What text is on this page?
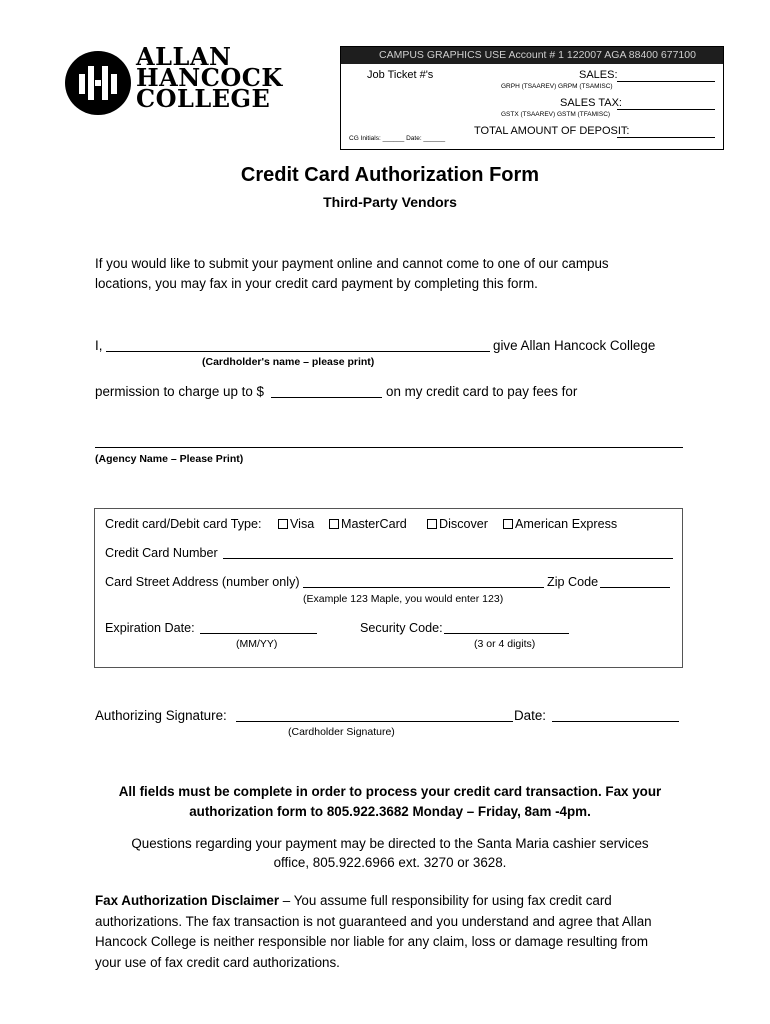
ALLAN
HANCOCK
COLLEGE
CAMPUS GRAPHICS USE Account # 1 122007 AGA 88400 677100
Job Ticket #'s	SALES:
GRPH (TSAAREV) GRPM (TSAMISC)
SALES TAX:
GSTX (TSAAREV) GSTM (TFAMISC)
TOTAL AMOUNT OF DEPOSIT:
CG Initials: ______ Date: ______
Credit Card Authorization Form
Third-Party Vendors
If you would like to submit your payment online and cannot come to one of our campus
locations, you may fax in your credit card payment by completing this form.
I,	give Allan Hancock College
(Cardholder's name – please print)
permission to charge up to $	on my credit card to pay fees for
(Agency Name – Please Print)
Credit card/Debit card Type:	Visa	MasterCard	Discover	American Express
Credit Card Number
Card Street Address (number only)	Zip Code
(Example 123 Maple, you would enter 123)
Expiration Date:
(MM/YY)
Security Code:
(3 or 4 digits)
Authorizing Signature:	Date:
(Cardholder Signature)
All fields must be complete in order to process your credit card transaction. Fax your
authorization form to 805.922.3682 Monday – Friday, 8am -4pm.
Questions regarding your payment may be directed to the Santa Maria cashier services
office, 805.922.6966 ext. 3270 or 3628.
Fax Authorization Disclaimer – You assume full responsibility for using fax credit card
authorizations. The fax transaction is not guaranteed and you understand and agree that Allan
Hancock College is neither responsible nor liable for any claim, loss or damage resulting from
your use of fax credit card authorizations.
